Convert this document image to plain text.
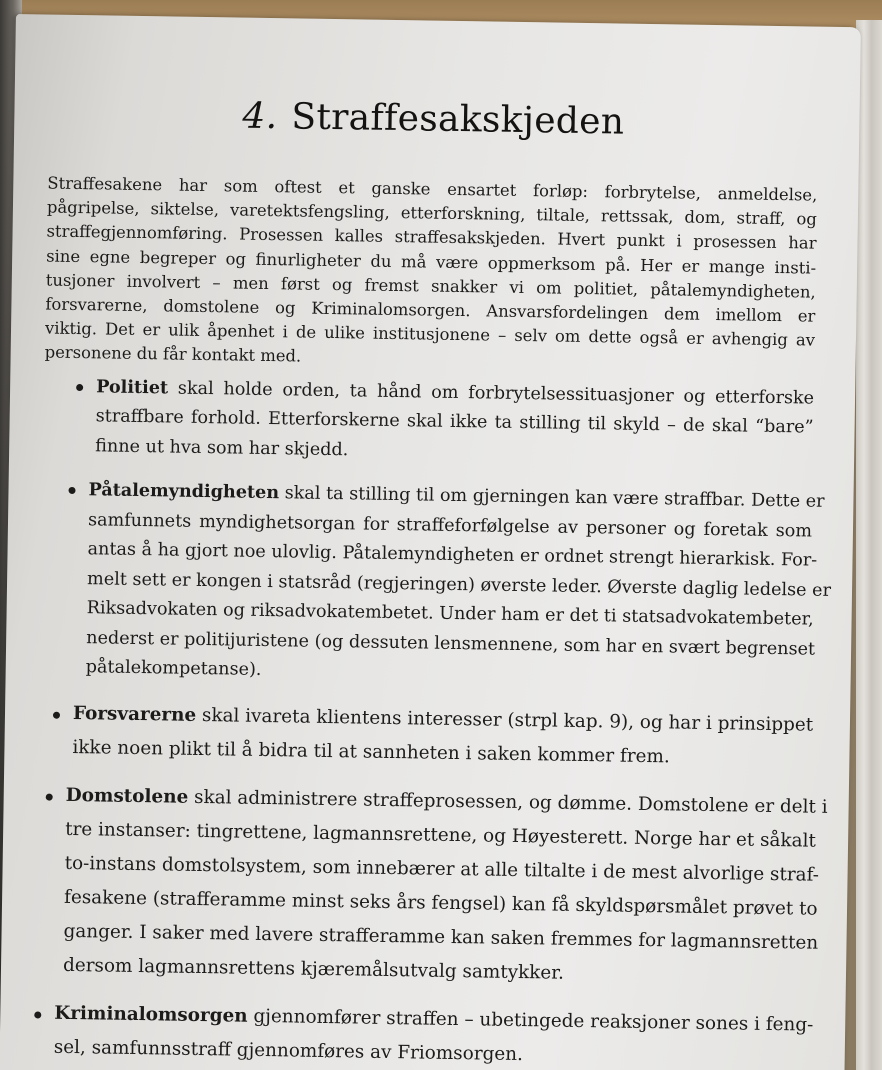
4. Straffesakskjeden

Straffesakene har som oftest et ganske ensartet forløp: forbrytelse, anmeldelse,
pågripelse, siktelse, varetektsfengsling, etterforskning, tiltale, rettssak, dom, straff, og
straffegjennomføring. Prosessen kalles straffesakskjeden. Hvert punkt i prosessen har
sine egne begreper og finurligheter du må være oppmerksom på. Her er mange insti-
tusjoner involvert – men først og fremst snakker vi om politiet, påtalemyndigheten,
forsvarerne, domstolene og Kriminalomsorgen. Ansvarsfordelingen dem imellom er
viktig. Det er ulik åpenhet i de ulike institusjonene – selv om dette også er avhengig av
personene du får kontakt med.

Politiet skal holde orden, ta hånd om forbrytelsessituasjoner og etterforske
straffbare forhold. Etterforskerne skal ikke ta stilling til skyld – de skal “bare”
finne ut hva som har skjedd.
Påtalemyndigheten skal ta stilling til om gjerningen kan være straffbar. Dette er
samfunnets myndighetsorgan for straffeforfølgelse av personer og foretak som
antas å ha gjort noe ulovlig. Påtalemyndigheten er ordnet strengt hierarkisk. For-
melt sett er kongen i statsråd (regjeringen) øverste leder. Øverste daglig ledelse er
Riksadvokaten og riksadvokatembetet. Under ham er det ti statsadvokatembeter,
nederst er politijuristene (og dessuten lensmennene, som har en svært begrenset
påtalekompetanse).
Forsvarerne skal ivareta klientens interesser (strpl kap. 9), og har i prinsippet
ikke noen plikt til å bidra til at sannheten i saken kommer frem.
Domstolene skal administrere straffeprosessen, og dømme. Domstolene er delt i
tre instanser: tingrettene, lagmannsrettene, og Høyesterett. Norge har et såkalt
to-instans domstolsystem, som innebærer at alle tiltalte i de mest alvorlige straf-
fesakene (strafferamme minst seks års fengsel) kan få skyldspørsmålet prøvet to
ganger. I saker med lavere strafferamme kan saken fremmes for lagmannsretten
dersom lagmannsrettens kjæremålsutvalg samtykker.
Kriminalomsorgen gjennomfører straffen – ubetingede reaksjoner sones i feng-
sel, samfunnsstraff gjennomføres av Friomsorgen.
